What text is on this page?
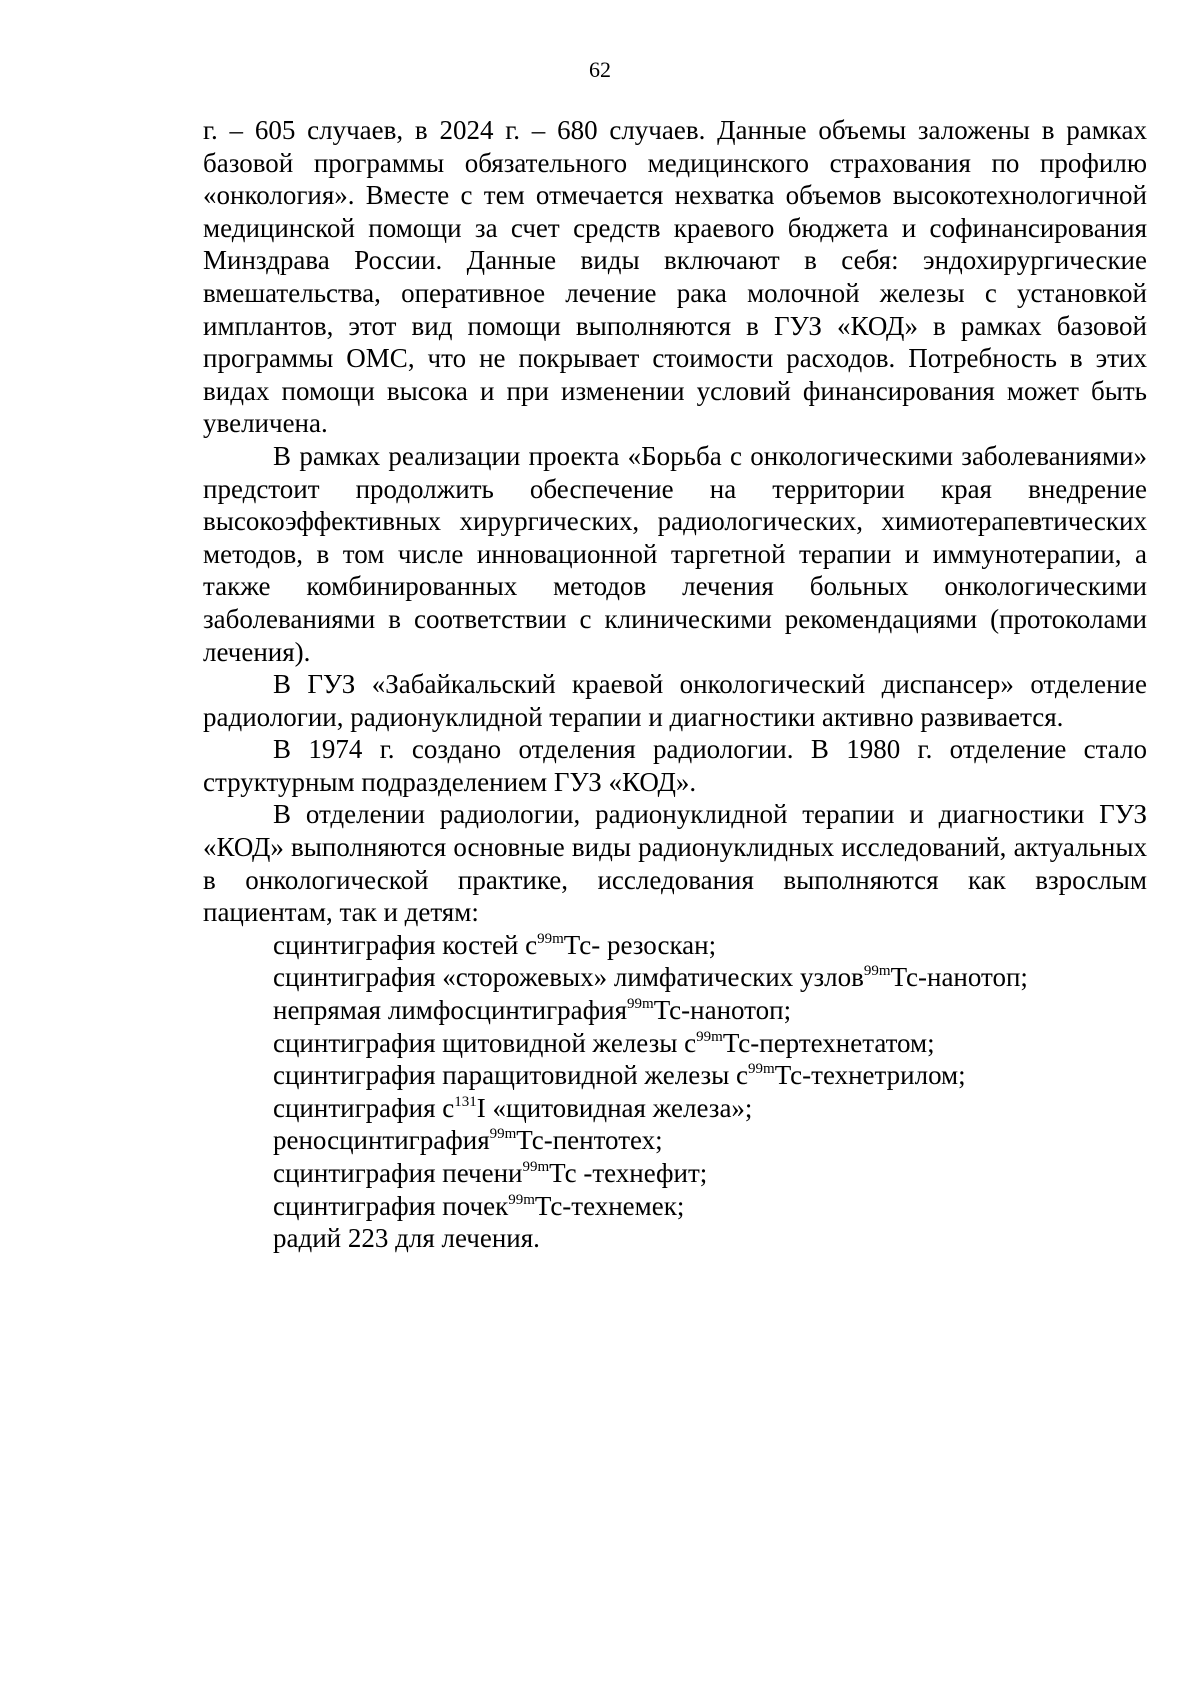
62

г. – 605 случаев, в 2024 г. – 680 случаев. Данные объемы заложены в рамках базовой программы обязательного медицинского страхования по профилю «онкология». Вместе с тем отмечается нехватка объемов высокотехнологичной медицинской помощи за счет средств краевого бюджета и софинансирования Минздрава России. Данные виды включают в себя: эндохирургические вмешательства, оперативное лечение рака молочной железы с установкой имплантов, этот вид помощи выполняются в ГУЗ «КОД» в рамках базовой программы ОМС, что не покрывает стоимости расходов. Потребность в этих видах помощи высока и при изменении условий финансирования может быть увеличена.

В рамках реализации проекта «Борьба с онкологическими заболеваниями» предстоит продолжить обеспечение на территории края внедрение высокоэффективных хирургических, радиологических, химиотерапевтических методов, в том числе инновационной таргетной терапии и иммунотерапии, а также комбинированных методов лечения больных онкологическими заболеваниями в соответствии с клиническими рекомендациями (протоколами лечения).

В ГУЗ «Забайкальский краевой онкологический диспансер» отделение радиологии, радионуклидной терапии и диагностики активно развивается.

В 1974 г. создано отделения радиологии. В 1980 г. отделение стало структурным подразделением ГУЗ «КОД».

В отделении радиологии, радионуклидной терапии и диагностики ГУЗ «КОД» выполняются основные виды радионуклидных исследований, актуальных в онкологической практике, исследования выполняются как взрослым пациентам, так и детям:

сцинтиграфия костей $с^{99m}Тс-$ резоскан;
сцинтиграфия «сторожевых» лимфатических узлов$^{99m}$Тс-нанотоп;
непрямая лимфосцинтиграфия$^{99m}$Тс-нанотоп;
сцинтиграфия щитовидной железы $с^{99m}Тс$-пертехнетатом;
сцинтиграфия паращитовидной железы $с^{99m}Тс$-технетрилом;
сцинтиграфия $с^{131}I$ «щитовидная железа»;
реносцинтиграфия$^{99m}$Тс-пентотех;
сцинтиграфия печени$^{99m}$Тс -технефит;
сцинтиграфия почек$^{99m}$Тс-технемек;
радий 223 для лечения.
